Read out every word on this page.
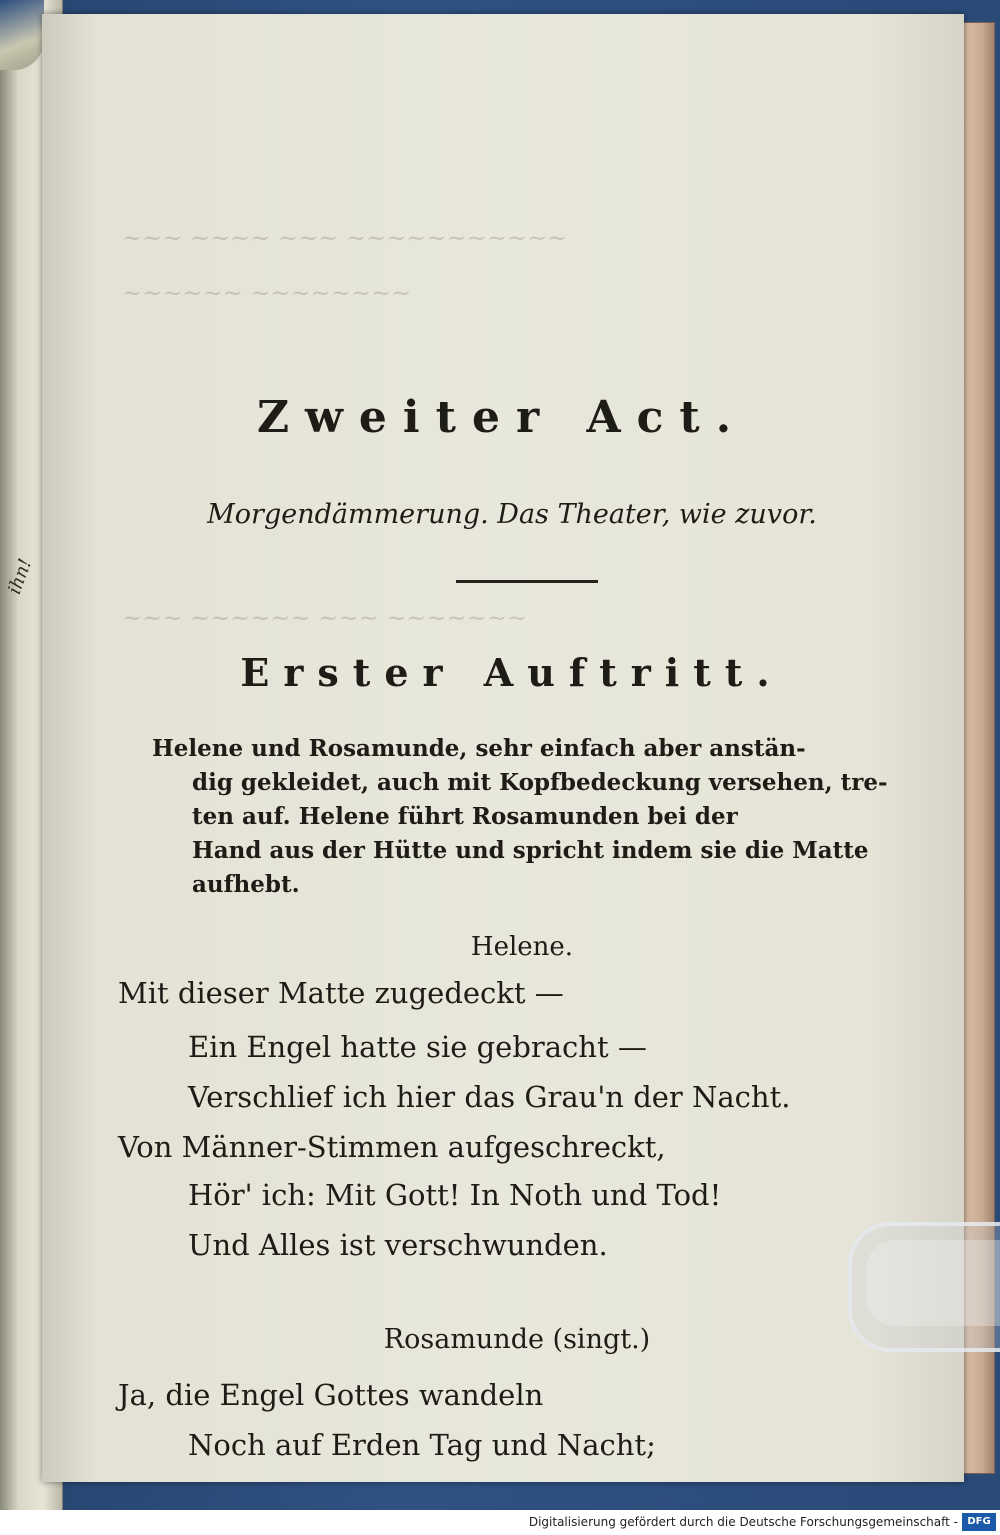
~~~ ~~~~ ~~~ ~~~~~~~~~~~
~~~~~~ ~~~~~~~~
~~~ ~~~~~~ ~~~ ~~~~~~~
Zweiter Act.
Morgendämmerung. Das Theater, wie zuvor.
Erster Auftritt.
Helene und Rosamunde, sehr einfach aber anstän-
dig gekleidet, auch mit Kopfbedeckung versehen, tre-
ten auf. Helene führt Rosamunden bei der
Hand aus der Hütte und spricht indem sie die Matte
aufhebt.
Helene.
Mit dieser Matte zugedeckt —
Ein Engel hatte sie gebracht —
Verschlief ich hier das Grau'n der Nacht.
Von Männer-Stimmen aufgeschreckt,
Hör' ich: Mit Gott! In Noth und Tod!
Und Alles ist verschwunden.
Rosamunde (singt.)
Ja, die Engel Gottes wandeln
Noch auf Erden Tag und Nacht;
ihn!
Digitalisierung gefördert durch die Deutsche Forschungsgemeinschaft - DFG
